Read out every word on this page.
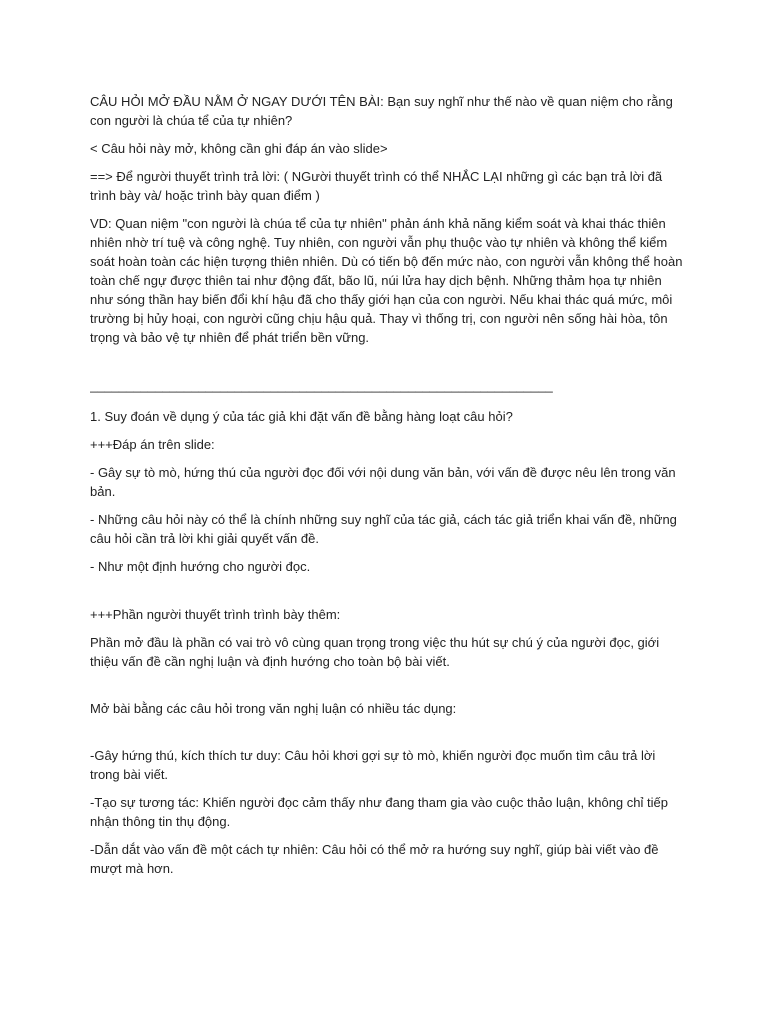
CÂU HỎI MỞ ĐẦU NẰM Ở NGAY DƯỚI TÊN BÀI: Bạn suy nghĩ như thế nào về quan niệm cho rằng con người là chúa tể của tự nhiên?

< Câu hỏi này mở, không cần ghi đáp án vào slide>

==> Để người thuyết trình trả lời: ( NGười thuyết trình có thể NHẮC LẠI những gì các bạn trả lời đã trình bày và/ hoặc trình bày quan điểm )

VD: Quan niệm "con người là chúa tể của tự nhiên" phản ánh khả năng kiểm soát và khai thác thiên nhiên nhờ trí tuệ và công nghệ. Tuy nhiên, con người vẫn phụ thuộc vào tự nhiên và không thể kiểm soát hoàn toàn các hiện tượng thiên nhiên. Dù có tiến bộ đến mức nào, con người vẫn không thể hoàn toàn chế ngự được thiên tai như động đất, bão lũ, núi lửa hay dịch bệnh. Những thảm họa tự nhiên như sóng thần hay biến đổi khí hậu đã cho thấy giới hạn của con người. Nếu khai thác quá mức, môi trường bị hủy hoại, con người cũng chịu hậu quả. Thay vì thống trị, con người nên sống hài hòa, tôn trọng và bảo vệ tự nhiên để phát triển bền vững.

________________________________________________________________

1. Suy đoán về dụng ý của tác giả khi đặt vấn đề bằng hàng loạt câu hỏi?

+++Đáp án trên slide:

- Gây sự tò mò, hứng thú của người đọc đối với nội dung văn bản, với vấn đề được nêu lên trong văn bản.

- Những câu hỏi này có thể là chính những suy nghĩ của tác giả, cách tác giả triển khai vấn đề, những câu hỏi cần trả lời khi giải quyết vấn đề.

- Như một định hướng cho người đọc.

+++Phần người thuyết trình trình bày thêm:

Phần mở đầu là phần có vai trò vô cùng quan trọng trong việc thu hút sự chú ý của người đọc, giới thiệu vấn đề cần nghị luận và định hướng cho toàn bộ bài viết.

Mở bài bằng các câu hỏi trong văn nghị luận có nhiều tác dụng:

-Gây hứng thú, kích thích tư duy: Câu hỏi khơi gợi sự tò mò, khiến người đọc muốn tìm câu trả lời trong bài viết.

-Tạo sự tương tác: Khiến người đọc cảm thấy như đang tham gia vào cuộc thảo luận, không chỉ tiếp nhận thông tin thụ động.

-Dẫn dắt vào vấn đề một cách tự nhiên: Câu hỏi có thể mở ra hướng suy nghĩ, giúp bài viết vào đề mượt mà hơn.
